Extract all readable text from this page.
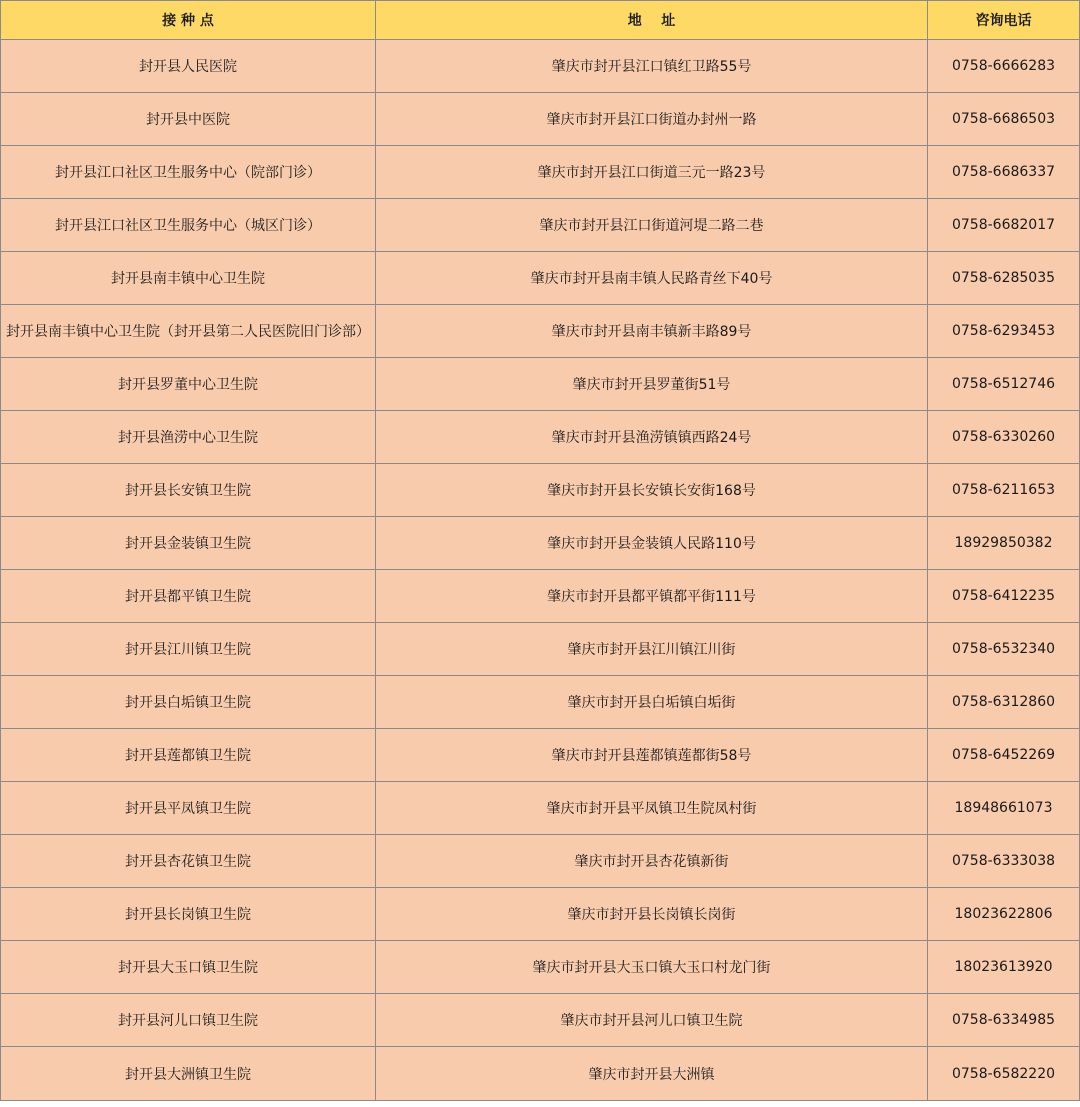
接 种 点	地    址	咨询电话
封开县人民医院	肇庆市封开县江口镇红卫路55号	0758-6666283
封开县中医院	肇庆市封开县江口街道办封州一路	0758-6686503
封开县江口社区卫生服务中心（院部门诊）	肇庆市封开县江口街道三元一路23号	0758-6686337
封开县江口社区卫生服务中心（城区门诊）	肇庆市封开县江口街道河堤二路二巷	0758-6682017
封开县南丰镇中心卫生院	肇庆市封开县南丰镇人民路青丝下40号	0758-6285035
封开县南丰镇中心卫生院（封开县第二人民医院旧门诊部）	肇庆市封开县南丰镇新丰路89号	0758-6293453
封开县罗董中心卫生院	肇庆市封开县罗董街51号	0758-6512746
封开县渔涝中心卫生院	肇庆市封开县渔涝镇镇西路24号	0758-6330260
封开县长安镇卫生院	肇庆市封开县长安镇长安街168号	0758-6211653
封开县金装镇卫生院	肇庆市封开县金装镇人民路110号	18929850382
封开县都平镇卫生院	肇庆市封开县都平镇都平街111号	0758-6412235
封开县江川镇卫生院	肇庆市封开县江川镇江川街	0758-6532340
封开县白垢镇卫生院	肇庆市封开县白垢镇白垢街	0758-6312860
封开县莲都镇卫生院	肇庆市封开县莲都镇莲都街58号	0758-6452269
封开县平凤镇卫生院	肇庆市封开县平凤镇卫生院凤村街	18948661073
封开县杏花镇卫生院	肇庆市封开县杏花镇新街	0758-6333038
封开县长岗镇卫生院	肇庆市封开县长岗镇长岗街	18023622806
封开县大玉口镇卫生院	肇庆市封开县大玉口镇大玉口村龙门街	18023613920
封开县河儿口镇卫生院	肇庆市封开县河儿口镇卫生院	0758-6334985
封开县大洲镇卫生院	肇庆市封开县大洲镇	0758-6582220
